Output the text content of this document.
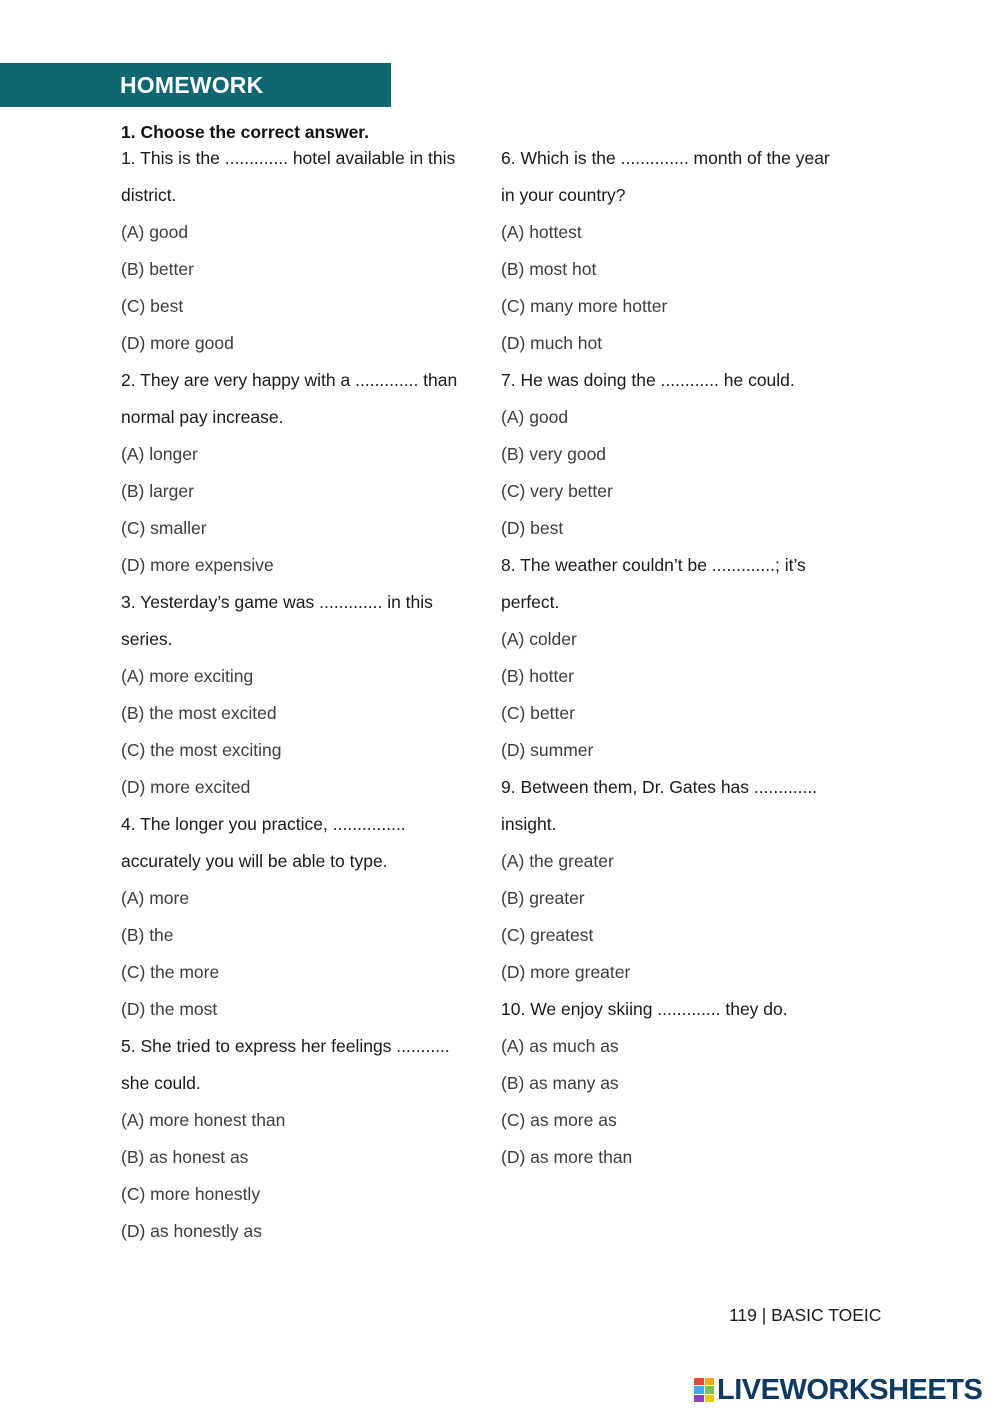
HOMEWORK
1. Choose the correct answer.
1. This is the ............. hotel available in this
district.
(A) good
(B) better
(C) best
(D) more good
2. They are very happy with a ............. than
normal pay increase.
(A) longer
(B) larger
(C) smaller
(D) more expensive
3. Yesterday’s game was ............. in this
series.
(A) more exciting
(B) the most excited
(C) the most exciting
(D) more excited
4. The longer you practice, ...............
accurately you will be able to type.
(A) more
(B) the
(C) the more
(D) the most
5. She tried to express her feelings ...........
she could.
(A) more honest than
(B) as honest as
(C) more honestly
(D) as honestly as
6. Which is the .............. month of the year
in your country?
(A) hottest
(B) most hot
(C) many more hotter
(D) much hot
7. He was doing the ............ he could.
(A) good
(B) very good
(C) very better
(D) best
8. The weather couldn’t be .............; it’s
perfect.
(A) colder
(B) hotter
(C) better
(D) summer
9. Between them, Dr. Gates has .............
insight.
(A) the greater
(B) greater
(C) greatest
(D) more greater
10. We enjoy skiing ............. they do.
(A) as much as
(B) as many as
(C) as more as
(D) as more than
119 | BASIC TOEIC
LIVEWORKSHEETS
